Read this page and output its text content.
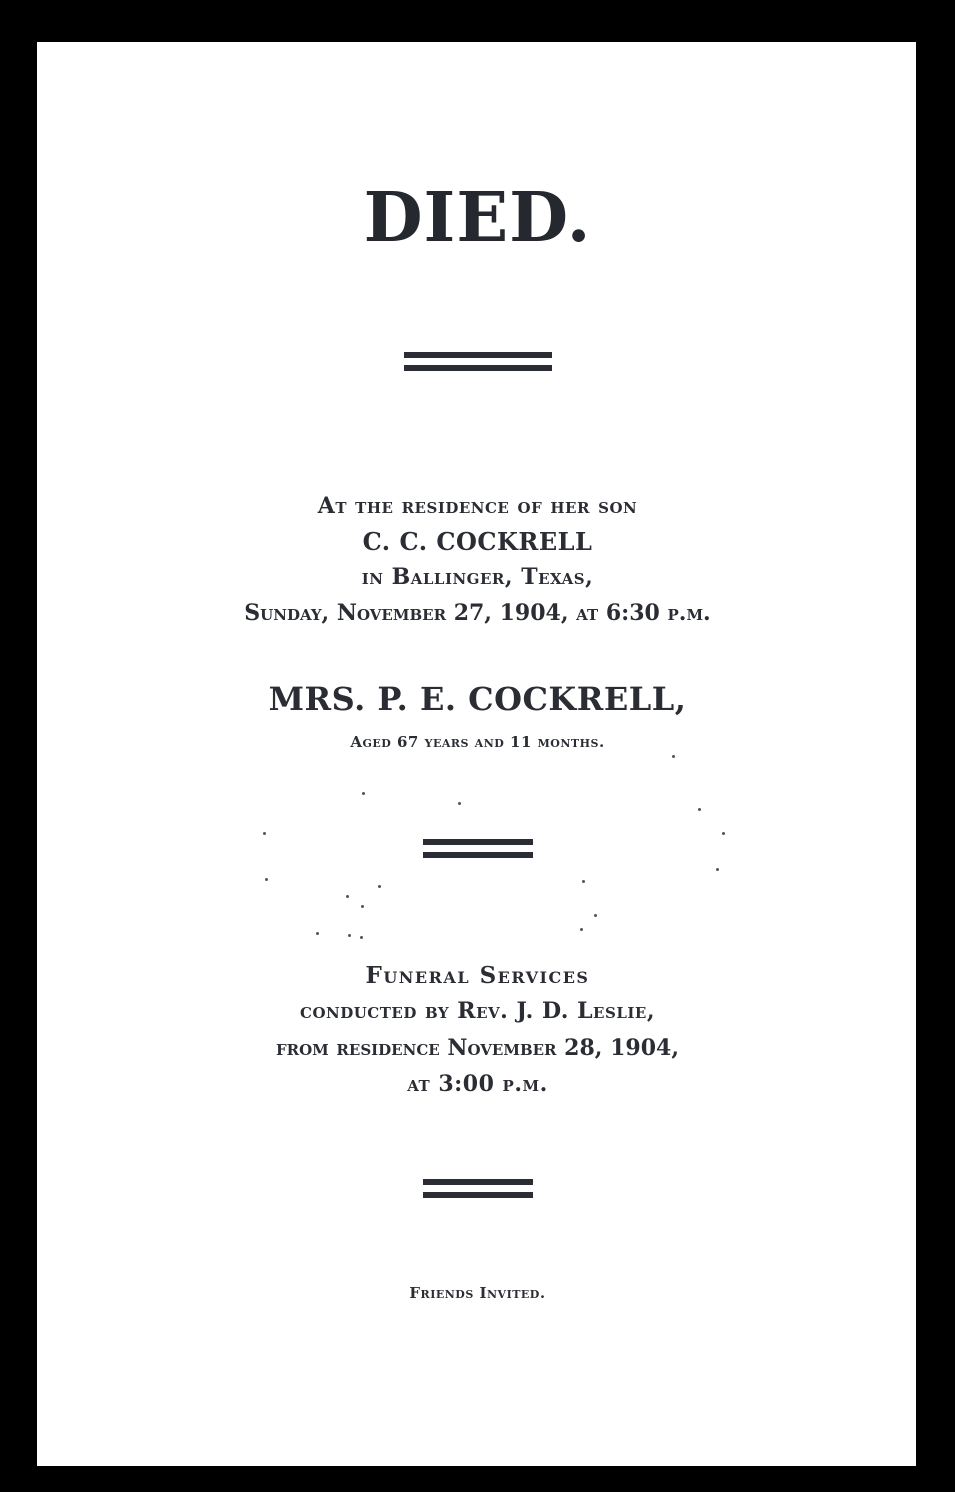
DIED.

At the residence of her son

C. C. COCKRELL

in Ballinger, Texas,

Sunday, November 27, 1904, at 6:30 p.m.

MRS. P. E. COCKRELL,

Aged 67 years and 11 months.

Funeral Services

conducted by Rev. J. D. Leslie,

from residence November 28, 1904,

at 3:00 p.m.

Friends Invited.
